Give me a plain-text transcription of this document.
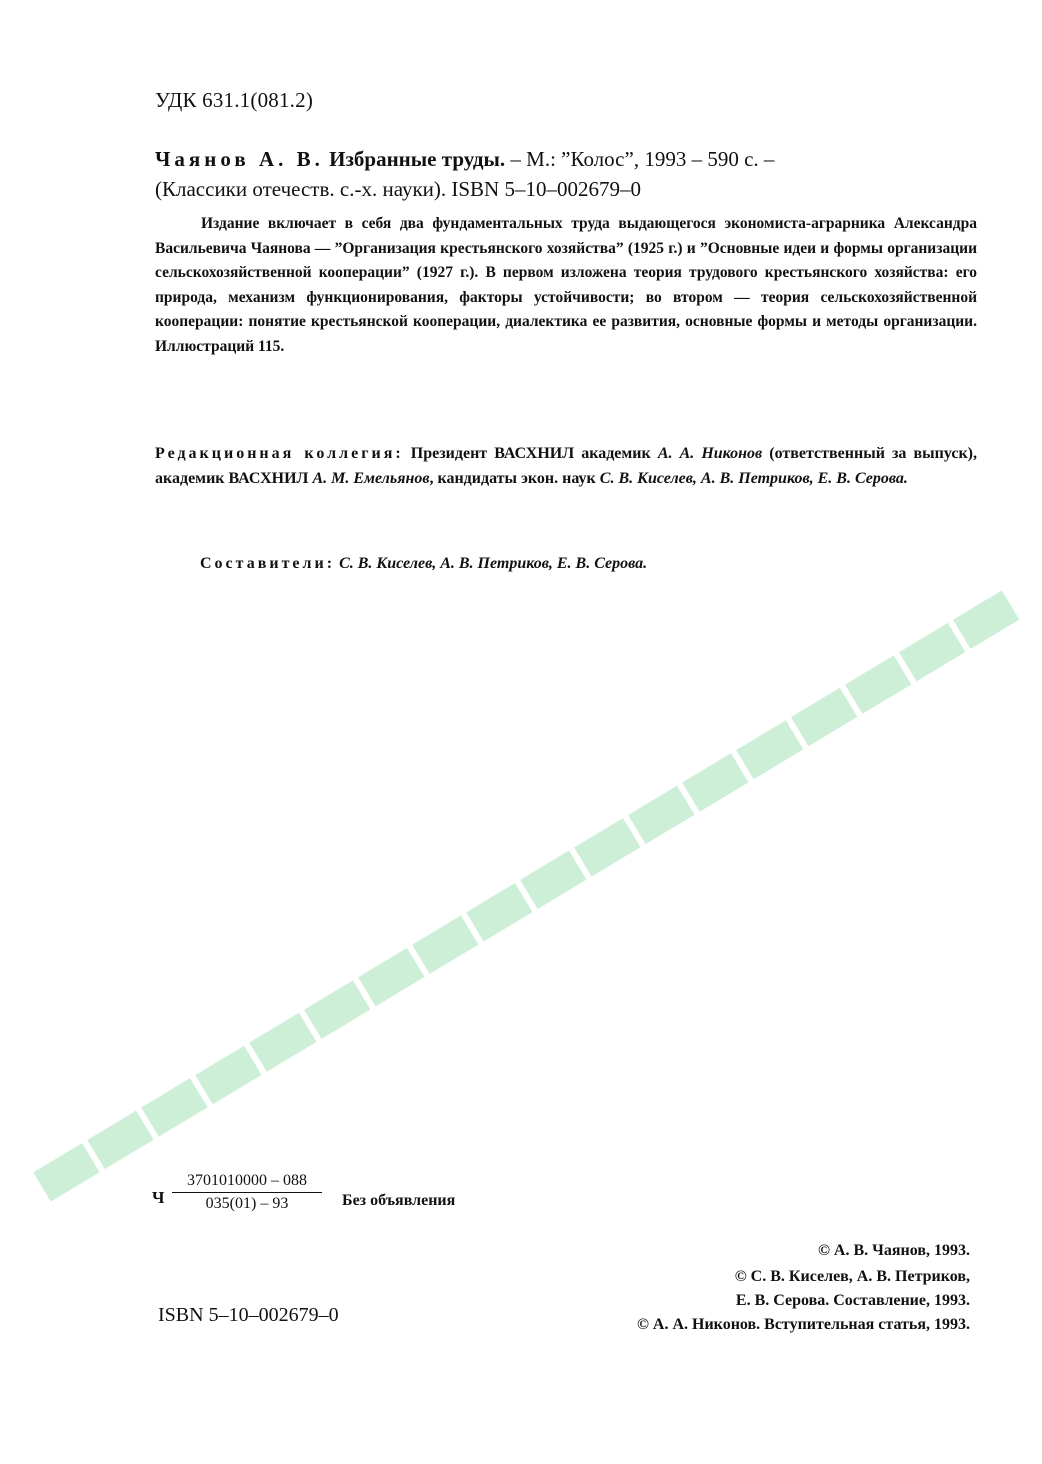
УДК 631.1(081.2)
Чаянов А. В. Избранные труды. – М.: ”Колос”, 1993 – 590 с. –
(Классики отечеств. с.-х. науки). ISBN 5–10–002679–0
Издание включает в себя два фундаментальных труда выдающегося экономиста-аграрника Александра Васильевича Чаянова — ”Организация крестьянского хозяйства” (1925 г.) и ”Основные идеи и формы организации сельскохозяйственной кооперации” (1927 г.). В первом изложена теория трудового крестьянского хозяйства: его природа, механизм функционирования, факторы устойчивости; во втором — теория сельскохозяйственной кооперации: понятие крестьянской кооперации, диалектика ее развития, основные формы и методы организации. Иллюстраций 115.
Редакционная коллегия: Президент ВАСХНИЛ академик А. А. Никонов (ответственный за выпуск), академик ВАСХНИЛ А. М. Емельянов, кандидаты экон. наук С. В. Киселев, А. В. Петриков, Е. В. Серова.
Составители: С. В. Киселев, А. В. Петриков, Е. В. Серова.
Ч $\frac{3701010000 - 088}{035(01) - 93}$ Без объявления
ISBN 5–10–002679–0
© А. В. Чаянов, 1993.
© С. В. Киселев, А. В. Петриков,
Е. В. Серова. Составление, 1993.
© А. А. Никонов. Вступительная статья, 1993.
